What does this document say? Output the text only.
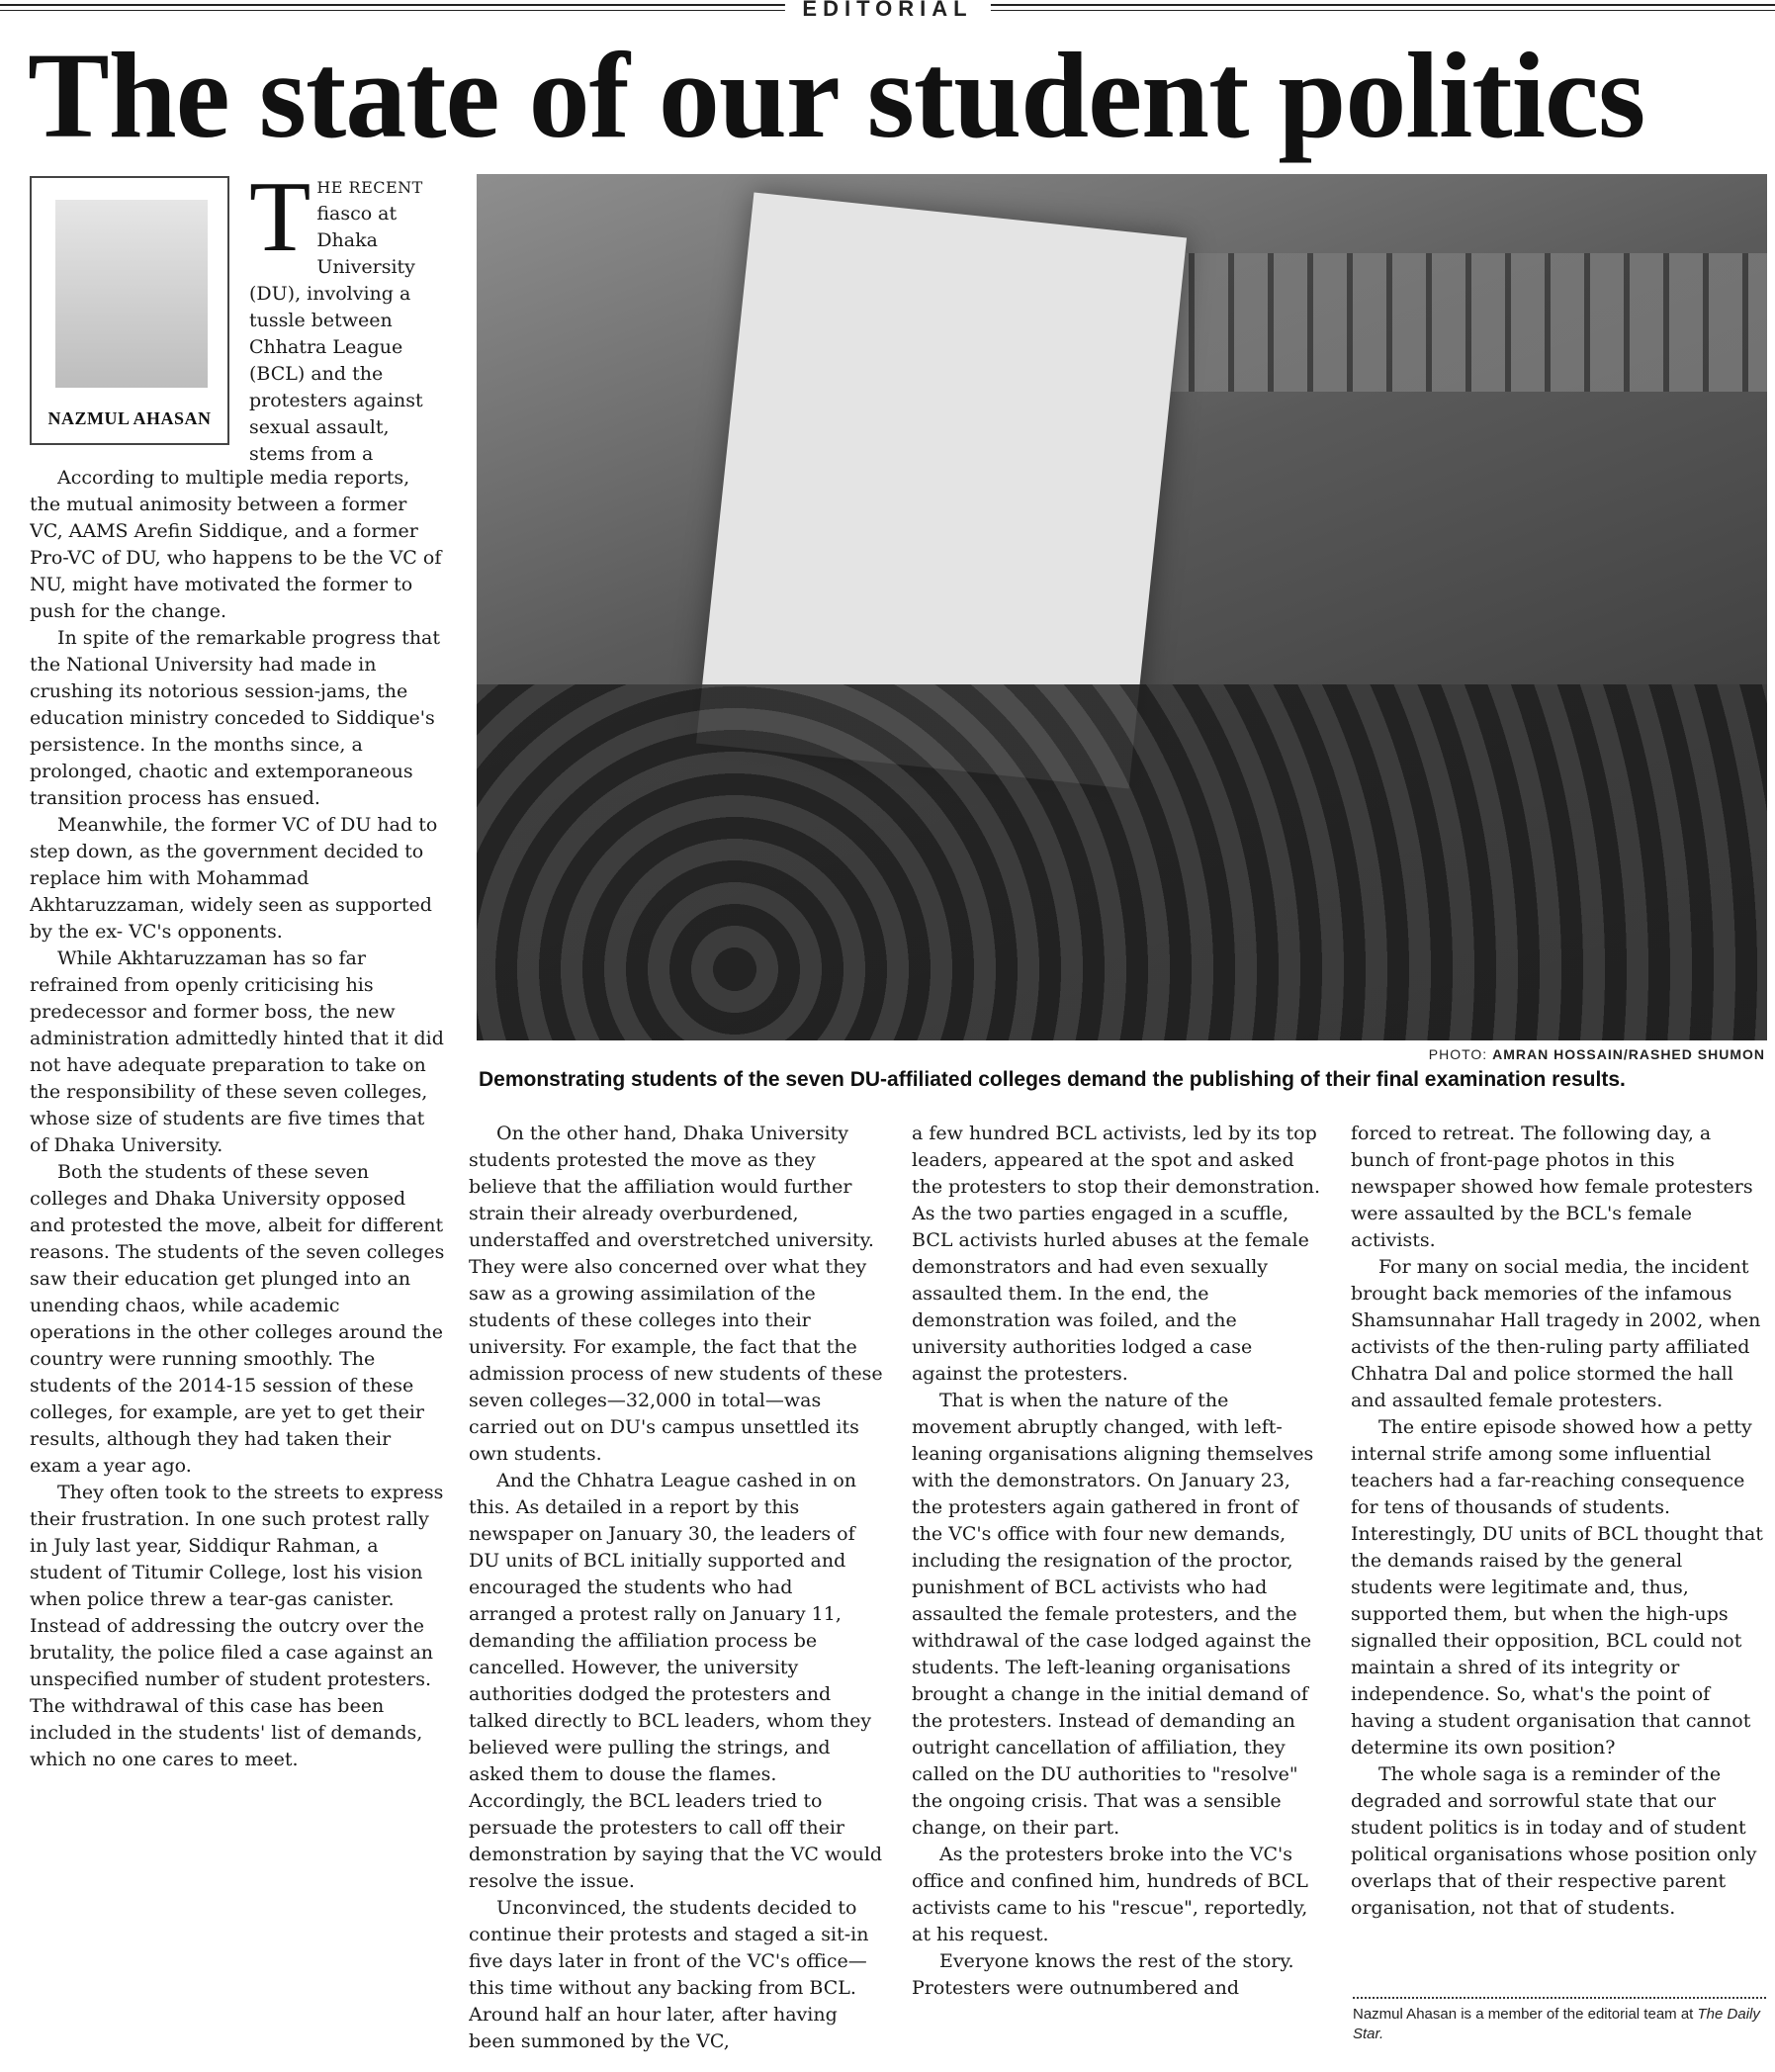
EDITORIAL
The state of our student politics
NAZMUL AHASAN
T HE RECENT fiasco at Dhaka University (DU), involving a tussle between Chhatra League (BCL) and the protesters against sexual assault, stems from a

According to multiple media reports, the mutual animosity between a former VC, AAMS Arefin Siddique, and a former Pro-VC of DU, who happens to be the VC of NU, might have motivated the former to push for the change.

In spite of the remarkable progress that the National University had made in crushing its notorious session-jams, the education ministry conceded to Siddique's persistence. In the months since, a prolonged, chaotic and extemporaneous transition process has ensued.

Meanwhile, the former VC of DU had to step down, as the government decided to replace him with Mohammad Akhtaruzzaman, widely seen as supported by the ex- VC's opponents.

While Akhtaruzzaman has so far refrained from openly criticising his predecessor and former boss, the new administration admittedly hinted that it did not have adequate preparation to take on the responsibility of these seven colleges, whose size of students are five times that of Dhaka University.

Both the students of these seven colleges and Dhaka University opposed and protested the move, albeit for different reasons. The students of the seven colleges saw their education get plunged into an unending chaos, while academic operations in the other colleges around the country were running smoothly. The students of the 2014-15 session of these colleges, for example, are yet to get their results, although they had taken their exam a year ago.

They often took to the streets to express their frustration. In one such protest rally in July last year, Siddiqur Rahman, a student of Titumir College, lost his vision when police threw a tear-gas canister. Instead of addressing the outcry over the brutality, the police filed a case against an unspecified number of student protesters. The withdrawal of this case has been included in the students' list of demands, which no one cares to meet.

PHOTO: AMRAN HOSSAIN/RASHED SHUMON
Demonstrating students of the seven DU-affiliated colleges demand the publishing of their final examination results.

On the other hand, Dhaka University students protested the move as they believe that the affiliation would further strain their already overburdened, understaffed and overstretched university. They were also concerned over what they saw as a growing assimilation of the students of these colleges into their university. For example, the fact that the admission process of new students of these seven colleges—32,000 in total—was carried out on DU's campus unsettled its own students.

And the Chhatra League cashed in on this. As detailed in a report by this newspaper on January 30, the leaders of DU units of BCL initially supported and encouraged the students who had arranged a protest rally on January 11, demanding the affiliation process be cancelled. However, the university authorities dodged the protesters and talked directly to BCL leaders, whom they believed were pulling the strings, and asked them to douse the flames. Accordingly, the BCL leaders tried to persuade the protesters to call off their demonstration by saying that the VC would resolve the issue.

Unconvinced, the students decided to continue their protests and staged a sit-in five days later in front of the VC's office—this time without any backing from BCL. Around half an hour later, after having been summoned by the VC,

a few hundred BCL activists, led by its top leaders, appeared at the spot and asked the protesters to stop their demonstration. As the two parties engaged in a scuffle, BCL activists hurled abuses at the female demonstrators and had even sexually assaulted them. In the end, the demonstration was foiled, and the university authorities lodged a case against the protesters.

That is when the nature of the movement abruptly changed, with left-leaning organisations aligning themselves with the demonstrators. On January 23, the protesters again gathered in front of the VC's office with four new demands, including the resignation of the proctor, punishment of BCL activists who had assaulted the female protesters, and the withdrawal of the case lodged against the students. The left-leaning organisations brought a change in the initial demand of the protesters. Instead of demanding an outright cancellation of affiliation, they called on the DU authorities to "resolve" the ongoing crisis. That was a sensible change, on their part.

As the protesters broke into the VC's office and confined him, hundreds of BCL activists came to his "rescue", reportedly, at his request.

Everyone knows the rest of the story. Protesters were outnumbered and

forced to retreat. The following day, a bunch of front-page photos in this newspaper showed how female protesters were assaulted by the BCL's female activists.

For many on social media, the incident brought back memories of the infamous Shamsunnahar Hall tragedy in 2002, when activists of the then-ruling party affiliated Chhatra Dal and police stormed the hall and assaulted female protesters.

The entire episode showed how a petty internal strife among some influential teachers had a far-reaching consequence for tens of thousands of students. Interestingly, DU units of BCL thought that the demands raised by the general students were legitimate and, thus, supported them, but when the high-ups signalled their opposition, BCL could not maintain a shred of its integrity or independence. So, what's the point of having a student organisation that cannot determine its own position?

The whole saga is a reminder of the degraded and sorrowful state that our student politics is in today and of student political organisations whose position only overlaps that of their respective parent organisation, not that of students.

Nazmul Ahasan is a member of the editorial team at The Daily Star.
